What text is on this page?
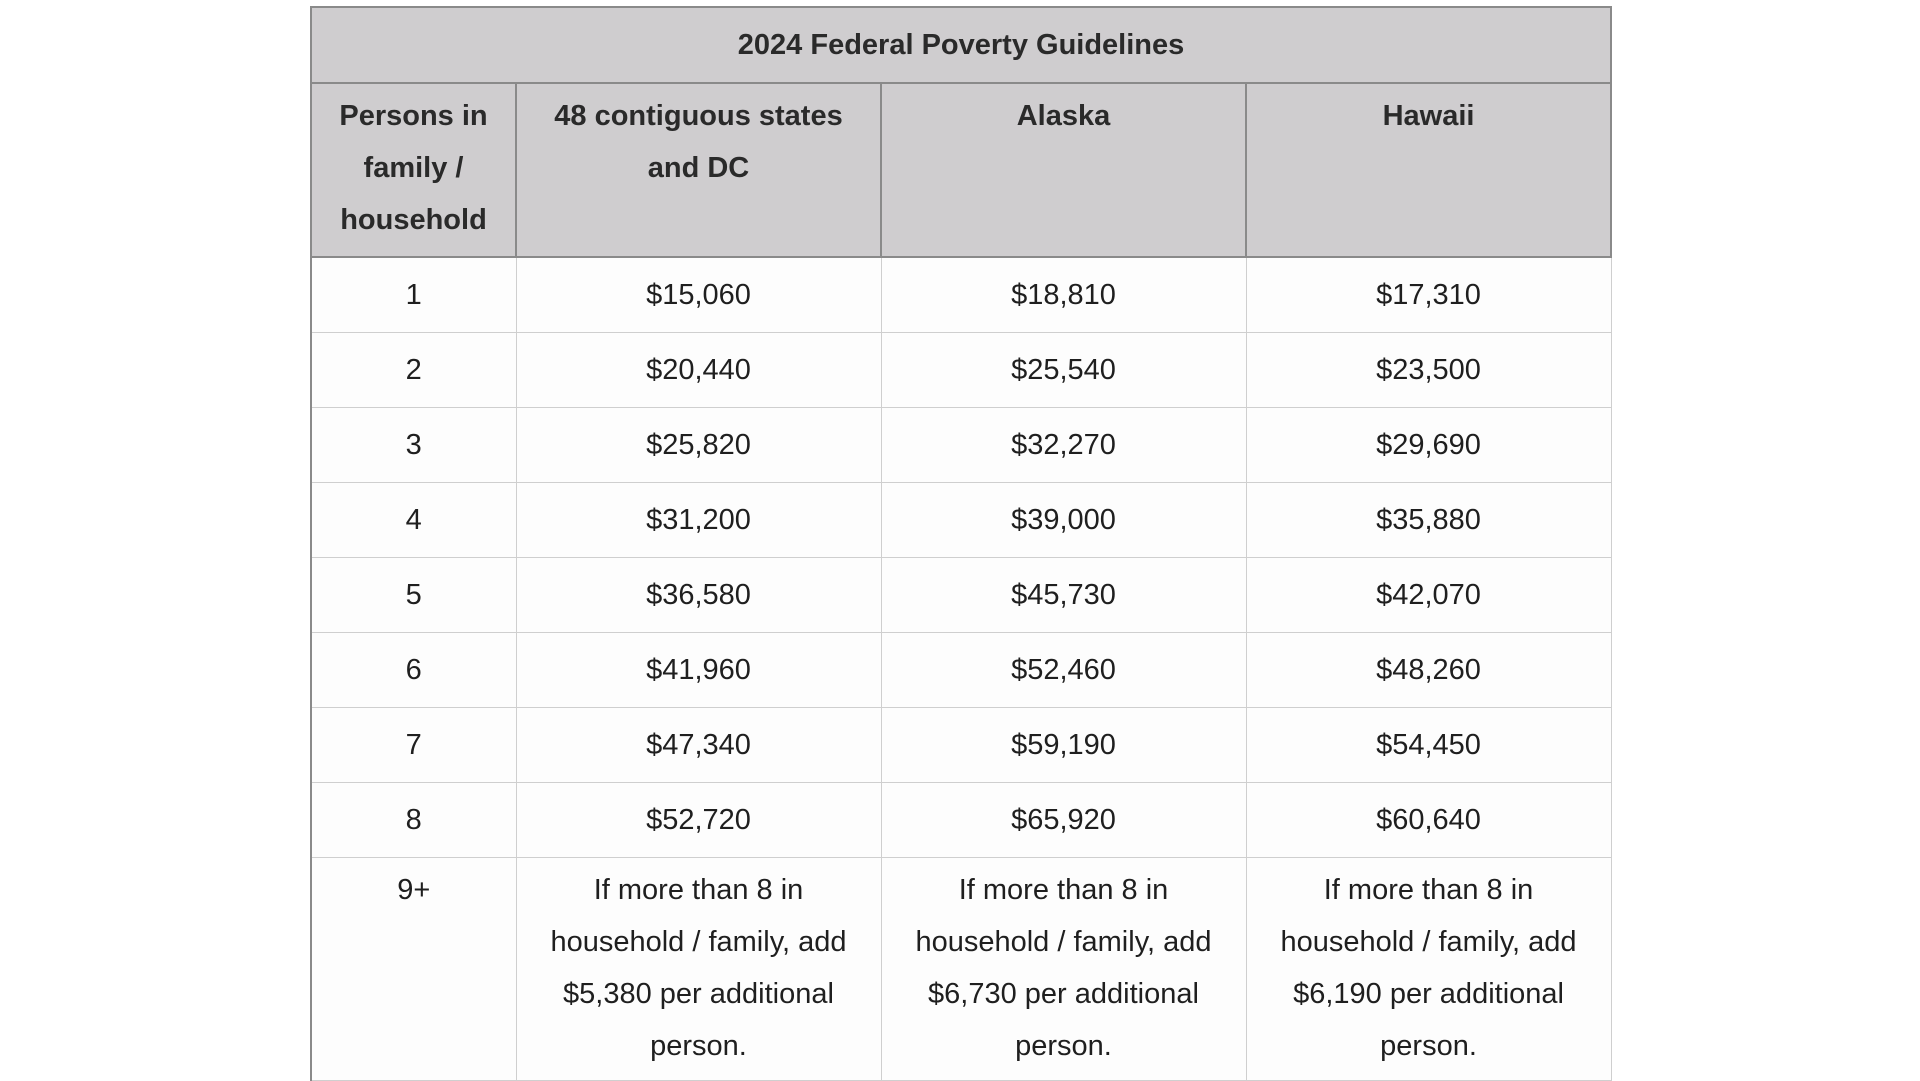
2024 Federal Poverty Guidelines			
Persons in family / household	48 contiguous states and DC	Alaska	Hawaii
1	$15,060	$18,810	$17,310
2	$20,440	$25,540	$23,500
3	$25,820	$32,270	$29,690
4	$31,200	$39,000	$35,880
5	$36,580	$45,730	$42,070
6	$41,960	$52,460	$48,260
7	$47,340	$59,190	$54,450
8	$52,720	$65,920	$60,640
9+	If more than 8 in household / family, add $5,380 per additional person.	If more than 8 in household / family, add $6,730 per additional person.	If more than 8 in household / family, add $6,190 per additional person.
